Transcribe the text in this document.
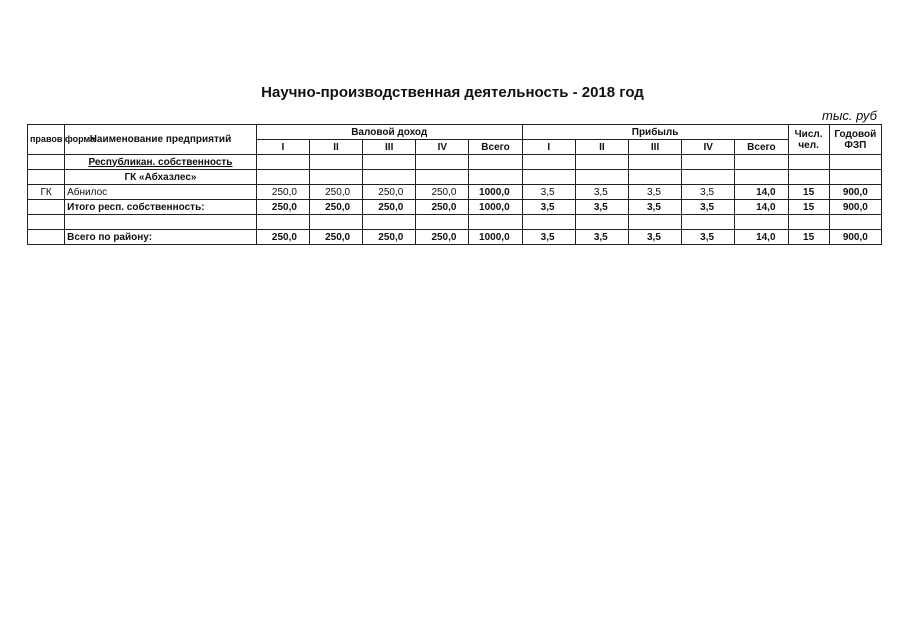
Научно-производственная деятельность - 2018 год
тыс. руб
правов форма	Наименование предприятий	Валовой доход					Прибыль					Числ. чел.	Годовой ФЗП
		I	II	III	IV	Всего	I	II	III	IV	Всего		
	Республикан. собственность												
	ГК «Абхазлес»												
ГК	Абнилос	250,0	250,0	250,0	250,0	1000,0	3,5	3,5	3,5	3,5	14,0	15	900,0
	Итого респ. собственность:	250,0	250,0	250,0	250,0	1000,0	3,5	3,5	3,5	3,5	14,0	15	900,0

	Всего по району:	250,0	250,0	250,0	250,0	1000,0	3,5	3,5	3,5	3,5	14,0	15	900,0
